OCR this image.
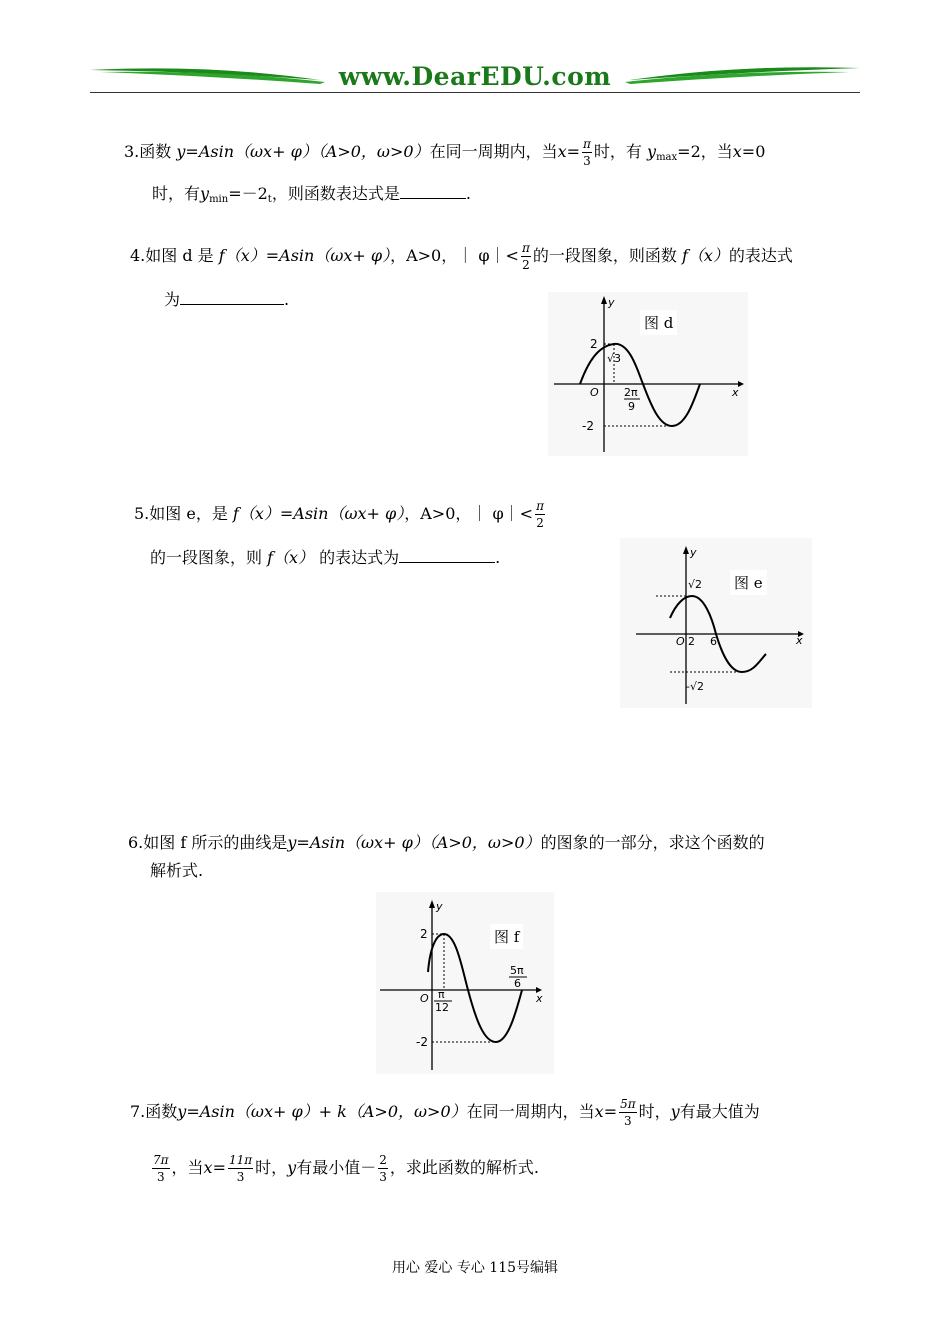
www.DearEDU.com
3.函数 y=Asin（ωx+ φ）（A>0，ω>0）在同一周期内，当$x= \frac{\pi}{3}$ 时，有 $y_{max}=2$，当x=0
时，有$y_{min}=-2_t$，则函数表达式是	.
4.如图 d 是 f（x）=Asin（ωx+ φ），A>0，｜ φ｜< $\frac{\pi}{2}$ 的一段图象，则函数 f（x）的表达式
为	.
2
√3
-2
O 2π
9
x
y
图 d
5.如图 e，是 f（x）=Asin（ωx+ φ），A>0，｜ φ｜< $\frac{\pi}{2}$
的一段图象，则 f（x） 的表达式为	.
√2
-√2
O 2 6	x
y
图 e
6.如图 f 所示的曲线是y=Asin（ωx+ φ）（A>0，ω>0）的图象的一部分，求这个函数的
解析式.
2
-2
O π
12
5π
6
x
y
图 f
7.函数y=Asin（ωx+ φ）+ k（A>0，ω>0）在同一周期内，当$x= \frac{5\pi}{3}$ 时，y有最大值为
$\frac{7\pi}{3}$ ，当$x= \frac{11\pi}{3}$ 时，y有最小值－ $\frac{2}{3}$ ，求此函数的解析式.
用心 爱心 专心 115号编辑
